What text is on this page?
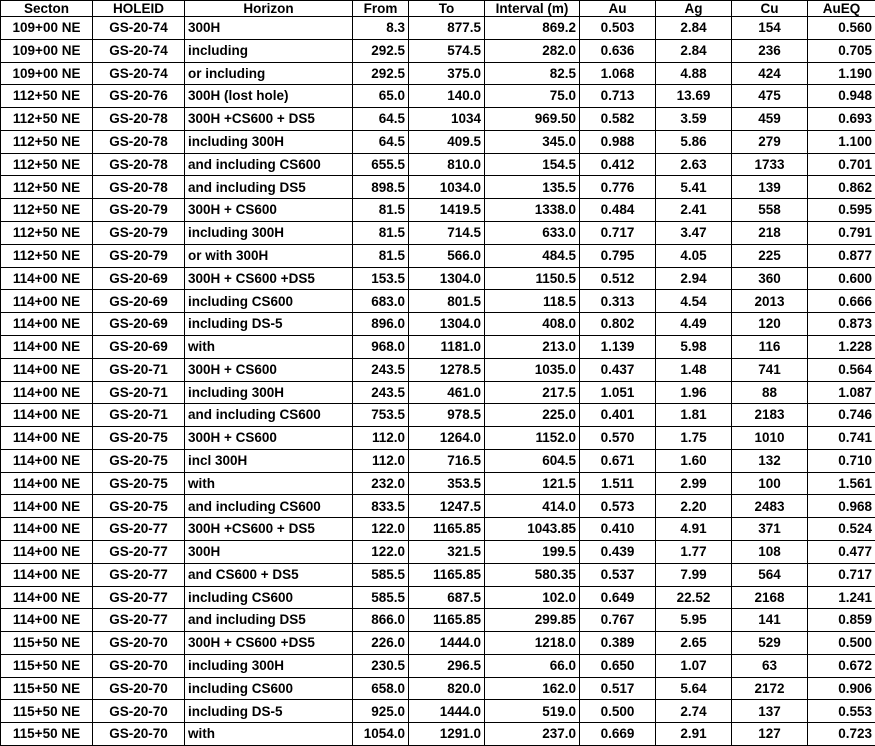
Secton	HOLEID	Horizon	From	To	Interval (m)	Au	Ag	Cu	AuEQ
109+00 NE	GS-20-74	300H	8.3	877.5	869.2	0.503	2.84	154	0.560
109+00 NE	GS-20-74	including	292.5	574.5	282.0	0.636	2.84	236	0.705
109+00 NE	GS-20-74	or including	292.5	375.0	82.5	1.068	4.88	424	1.190
112+50 NE	GS-20-76	300H (lost hole)	65.0	140.0	75.0	0.713	13.69	475	0.948
112+50 NE	GS-20-78	300H +CS600 + DS5	64.5	1034	969.50	0.582	3.59	459	0.693
112+50 NE	GS-20-78	including 300H	64.5	409.5	345.0	0.988	5.86	279	1.100
112+50 NE	GS-20-78	and including CS600	655.5	810.0	154.5	0.412	2.63	1733	0.701
112+50 NE	GS-20-78	and including DS5	898.5	1034.0	135.5	0.776	5.41	139	0.862
112+50 NE	GS-20-79	300H + CS600	81.5	1419.5	1338.0	0.484	2.41	558	0.595
112+50 NE	GS-20-79	including 300H	81.5	714.5	633.0	0.717	3.47	218	0.791
112+50 NE	GS-20-79	or with 300H	81.5	566.0	484.5	0.795	4.05	225	0.877
114+00 NE	GS-20-69	300H + CS600 +DS5	153.5	1304.0	1150.5	0.512	2.94	360	0.600
114+00 NE	GS-20-69	including CS600	683.0	801.5	118.5	0.313	4.54	2013	0.666
114+00 NE	GS-20-69	including DS-5	896.0	1304.0	408.0	0.802	4.49	120	0.873
114+00 NE	GS-20-69	with	968.0	1181.0	213.0	1.139	5.98	116	1.228
114+00 NE	GS-20-71	300H + CS600	243.5	1278.5	1035.0	0.437	1.48	741	0.564
114+00 NE	GS-20-71	including 300H	243.5	461.0	217.5	1.051	1.96	88	1.087
114+00 NE	GS-20-71	and including CS600	753.5	978.5	225.0	0.401	1.81	2183	0.746
114+00 NE	GS-20-75	300H + CS600	112.0	1264.0	1152.0	0.570	1.75	1010	0.741
114+00 NE	GS-20-75	incl 300H	112.0	716.5	604.5	0.671	1.60	132	0.710
114+00 NE	GS-20-75	with	232.0	353.5	121.5	1.511	2.99	100	1.561
114+00 NE	GS-20-75	and including CS600	833.5	1247.5	414.0	0.573	2.20	2483	0.968
114+00 NE	GS-20-77	300H +CS600 + DS5	122.0	1165.85	1043.85	0.410	4.91	371	0.524
114+00 NE	GS-20-77	300H	122.0	321.5	199.5	0.439	1.77	108	0.477
114+00 NE	GS-20-77	and CS600 + DS5	585.5	1165.85	580.35	0.537	7.99	564	0.717
114+00 NE	GS-20-77	including CS600	585.5	687.5	102.0	0.649	22.52	2168	1.241
114+00 NE	GS-20-77	and including DS5	866.0	1165.85	299.85	0.767	5.95	141	0.859
115+50 NE	GS-20-70	300H + CS600 +DS5	226.0	1444.0	1218.0	0.389	2.65	529	0.500
115+50 NE	GS-20-70	including 300H	230.5	296.5	66.0	0.650	1.07	63	0.672
115+50 NE	GS-20-70	including CS600	658.0	820.0	162.0	0.517	5.64	2172	0.906
115+50 NE	GS-20-70	including DS-5	925.0	1444.0	519.0	0.500	2.74	137	0.553
115+50 NE	GS-20-70	with	1054.0	1291.0	237.0	0.669	2.91	127	0.723
